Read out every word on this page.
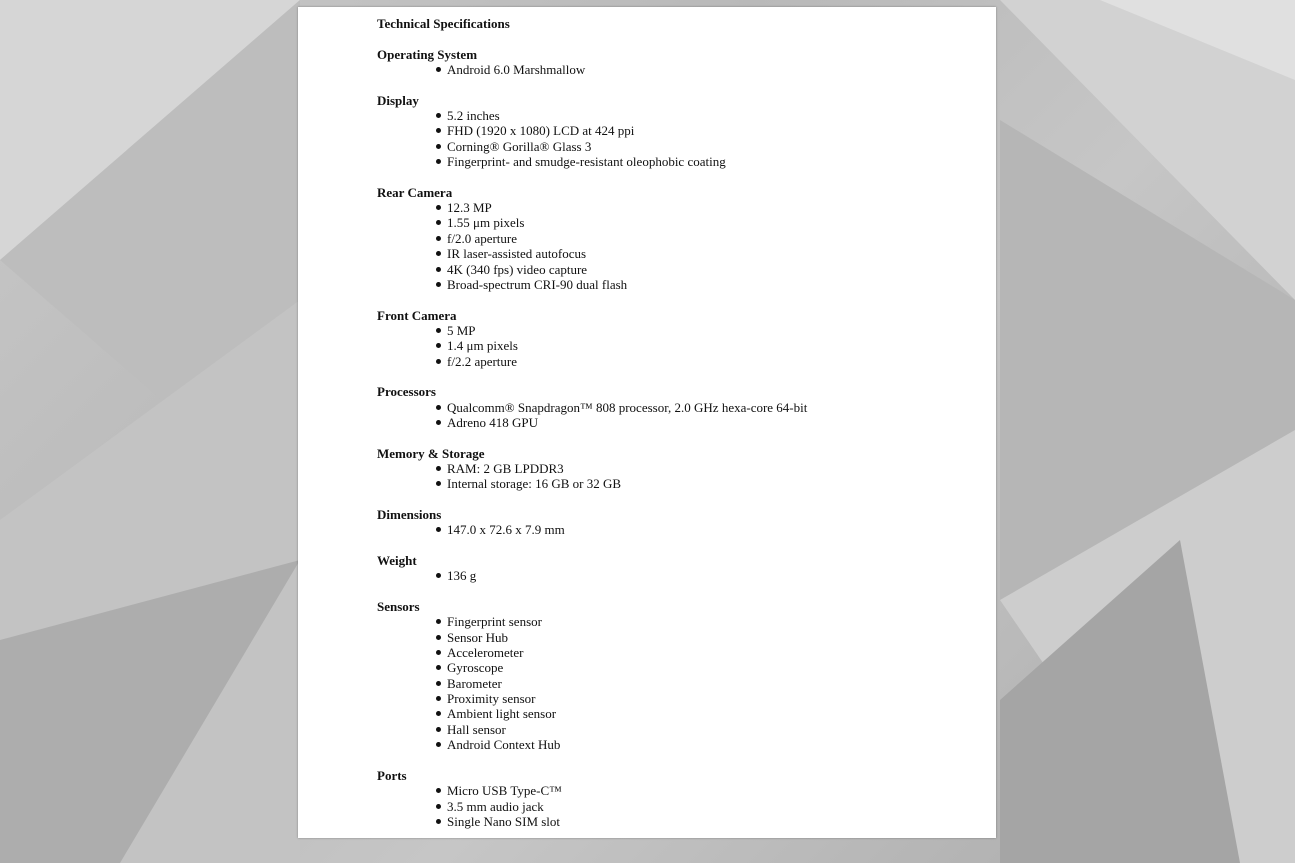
Technical Specifications
Operating System
Android 6.0 Marshmallow
Display
5.2 inches
FHD (1920 x 1080) LCD at 424 ppi
Corning® Gorilla® Glass 3
Fingerprint- and smudge-resistant oleophobic coating
Rear Camera
12.3 MP
1.55 μm pixels
f/2.0 aperture
IR laser-assisted autofocus
4K (340 fps) video capture
Broad-spectrum CRI-90 dual flash
Front Camera
5 MP
1.4 μm pixels
f/2.2 aperture
Processors
Qualcomm® Snapdragon™ 808 processor, 2.0 GHz hexa-core 64-bit
Adreno 418 GPU
Memory & Storage
RAM: 2 GB LPDDR3
Internal storage: 16 GB or 32 GB
Dimensions
147.0 x 72.6 x 7.9 mm
Weight
136 g
Sensors
Fingerprint sensor
Sensor Hub
Accelerometer
Gyroscope
Barometer
Proximity sensor
Ambient light sensor
Hall sensor
Android Context Hub
Ports
Micro USB Type-C™
3.5 mm audio jack
Single Nano SIM slot
